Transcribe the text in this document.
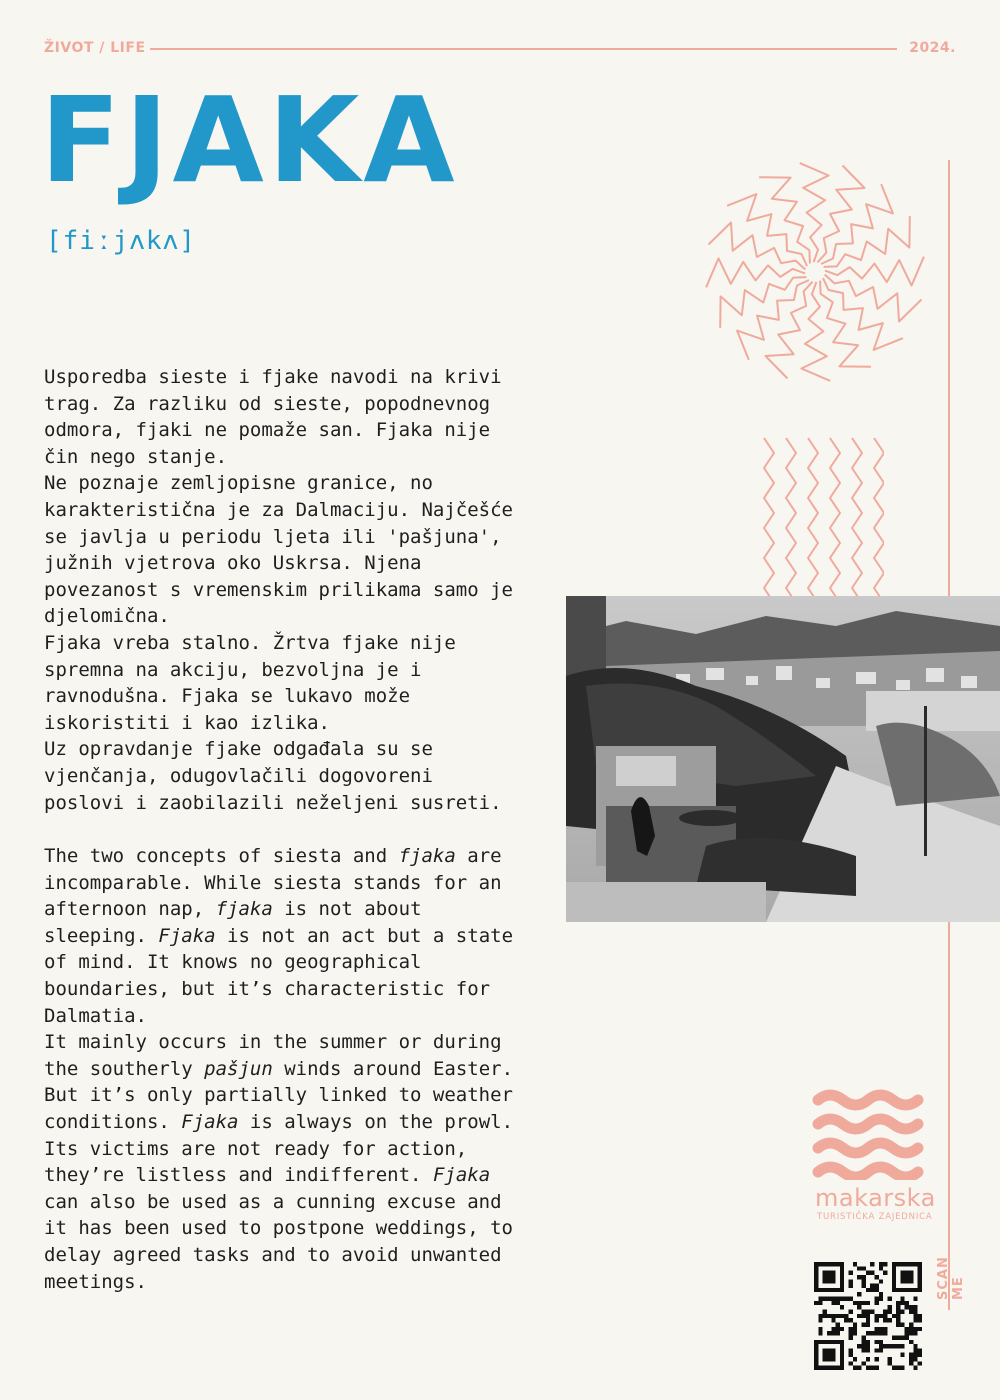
ŽIVOT / LIFE	2024.
FJAKA
[fiːjʌkʌ]

Usporedba sieste i fjake navodi na krivi trag. Za razliku od sieste, popodnevnog odmora, fjaki ne pomaže san. Fjaka nije čin nego stanje.

Ne poznaje zemljopisne granice, no karakteristična je za Dalmaciju. Najčešće se javlja u periodu ljeta ili 'pašjuna', južnih vjetrova oko Uskrsa. Njena povezanost s vremenskim prilikama samo je djelomična.

Fjaka vreba stalno. Žrtva fjake nije spremna na akciju, bezvoljna je i ravnodušna. Fjaka se lukavo može iskoristiti i kao izlika.

Uz opravdanje fjake odgađala su se vjenčanja, odugovlačili dogovoreni poslovi i zaobilazili neželjeni susreti.

The two concepts of siesta and fjaka are incomparable. While siesta stands for an afternoon nap, fjaka is not about sleeping. Fjaka is not an act but a state of mind. It knows no geographical boundaries, but it’s characteristic for Dalmatia.

It mainly occurs in the summer or during the southerly pašjun winds around Easter. But it’s only partially linked to weather conditions. Fjaka is always on the prowl. Its victims are not ready for action, they’re listless and indifferent. Fjaka can also be used as a cunning excuse and it has been used to postpone weddings, to delay agreed tasks and to avoid unwanted meetings.

makarska
TURISTIČKA ZAJEDNICA
SCAN ME
